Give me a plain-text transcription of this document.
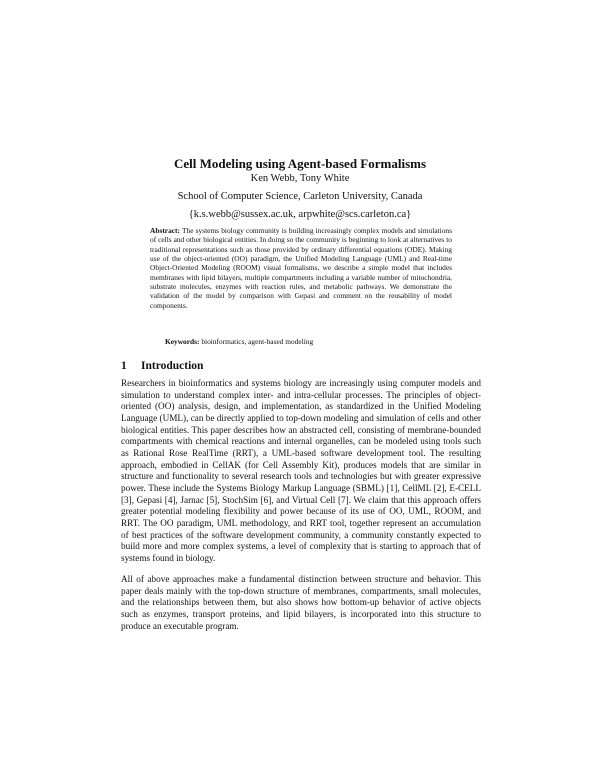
Cell Modeling using Agent-based Formalisms
Ken Webb, Tony White
School of Computer Science, Carleton University, Canada
{k.s.webb@sussex.ac.uk, arpwhite@scs.carleton.ca}

Abstract: The systems biology community is building increasingly complex models and simulations of cells and other biological entities. In doing so the community is beginning to look at alternatives to traditional representations such as those provided by ordinary differential equations (ODE). Making use of the object-oriented (OO) paradigm, the Unified Modeling Language (UML) and Real-time Object-Oriented Modeling (ROOM) visual formalisms, we describe a simple model that includes membranes with lipid bilayers, multiple compartments including a variable number of mitochondria, substrate molecules, enzymes with reaction rules, and metabolic pathways. We demonstrate the validation of the model by comparison with Gepasi and comment on the reusability of model components.

Keywords: bioinformatics, agent-based modeling

1 Introduction

Researchers in bioinformatics and systems biology are increasingly using computer models and simulation to understand complex inter- and intra-cellular processes. The principles of object-oriented (OO) analysis, design, and implementation, as standardized in the Unified Modeling Language (UML), can be directly applied to top-down modeling and simulation of cells and other biological entities. This paper describes how an abstracted cell, consisting of membrane-bounded compartments with chemical reactions and internal organelles, can be modeled using tools such as Rational Rose RealTime (RRT), a UML-based software development tool. The resulting approach, embodied in CellAK (for Cell Assembly Kit), produces models that are similar in structure and functionality to several research tools and technologies but with greater expressive power. These include the Systems Biology Markup Language (SBML) [1], CellML [2], E-CELL [3], Gepasi [4], Jarnac [5], StochSim [6], and Virtual Cell [7]. We claim that this approach offers greater potential modeling flexibility and power because of its use of OO, UML, ROOM, and RRT. The OO paradigm, UML methodology, and RRT tool, together represent an accumulation of best practices of the software development community, a community constantly expected to build more and more complex systems, a level of complexity that is starting to approach that of systems found in biology.

All of above approaches make a fundamental distinction between structure and behavior. This paper deals mainly with the top-down structure of membranes, compartments, small molecules, and the relationships between them, but also shows how bottom-up behavior of active objects such as enzymes, transport proteins, and lipid bilayers, is incorporated into this structure to produce an executable program.
